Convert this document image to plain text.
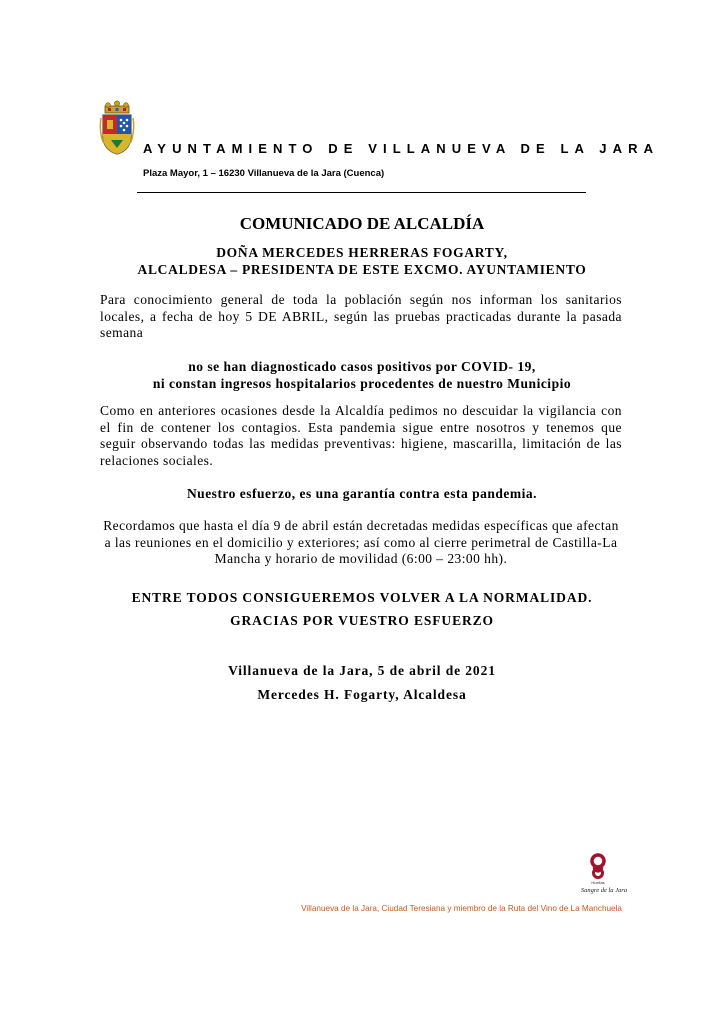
AYUNTAMIENTO DE VILLANUEVA DE LA JARA
Plaza Mayor, 1 – 16230 Villanueva de la Jara (Cuenca)
COMUNICADO DE ALCALDÍA
DOÑA MERCEDES HERRERAS FOGARTY,
ALCALDESA – PRESIDENTA DE ESTE EXCMO. AYUNTAMIENTO
Para conocimiento general de toda la población según nos informan los sanitarios locales, a fecha de hoy 5 DE ABRIL, según las pruebas practicadas durante la pasada semana
no se han diagnosticado casos positivos por COVID- 19,
ni constan ingresos hospitalarios procedentes de nuestro Municipio
Como en anteriores ocasiones desde la Alcaldía pedimos no descuidar la vigilancia con el fin de contener los contagios. Esta pandemia sigue entre nosotros y tenemos que seguir observando todas las medidas preventivas: higiene, mascarilla, limitación de las relaciones sociales.
Nuestro esfuerzo, es una garantía contra esta pandemia.
Recordamos que hasta el día 9 de abril están decretadas medidas específicas que afectan a las reuniones en el domicilio y exteriores; así como al cierre perimetral de Castilla-La Mancha y horario de movilidad (6:00 – 23:00 hh).
ENTRE TODOS CONSIGUEREMOS VOLVER A LA NORMALIDAD.
GRACIAS POR VUESTRO ESFUERZO
Villanueva de la Jara, 5 de abril de 2021
Mercedes H. Fogarty, Alcaldesa
Huellas
Sangre de la Jara
Villanueva de la Jara, Ciudad Teresiana y miembro de la Ruta del Vino de La Manchuela
